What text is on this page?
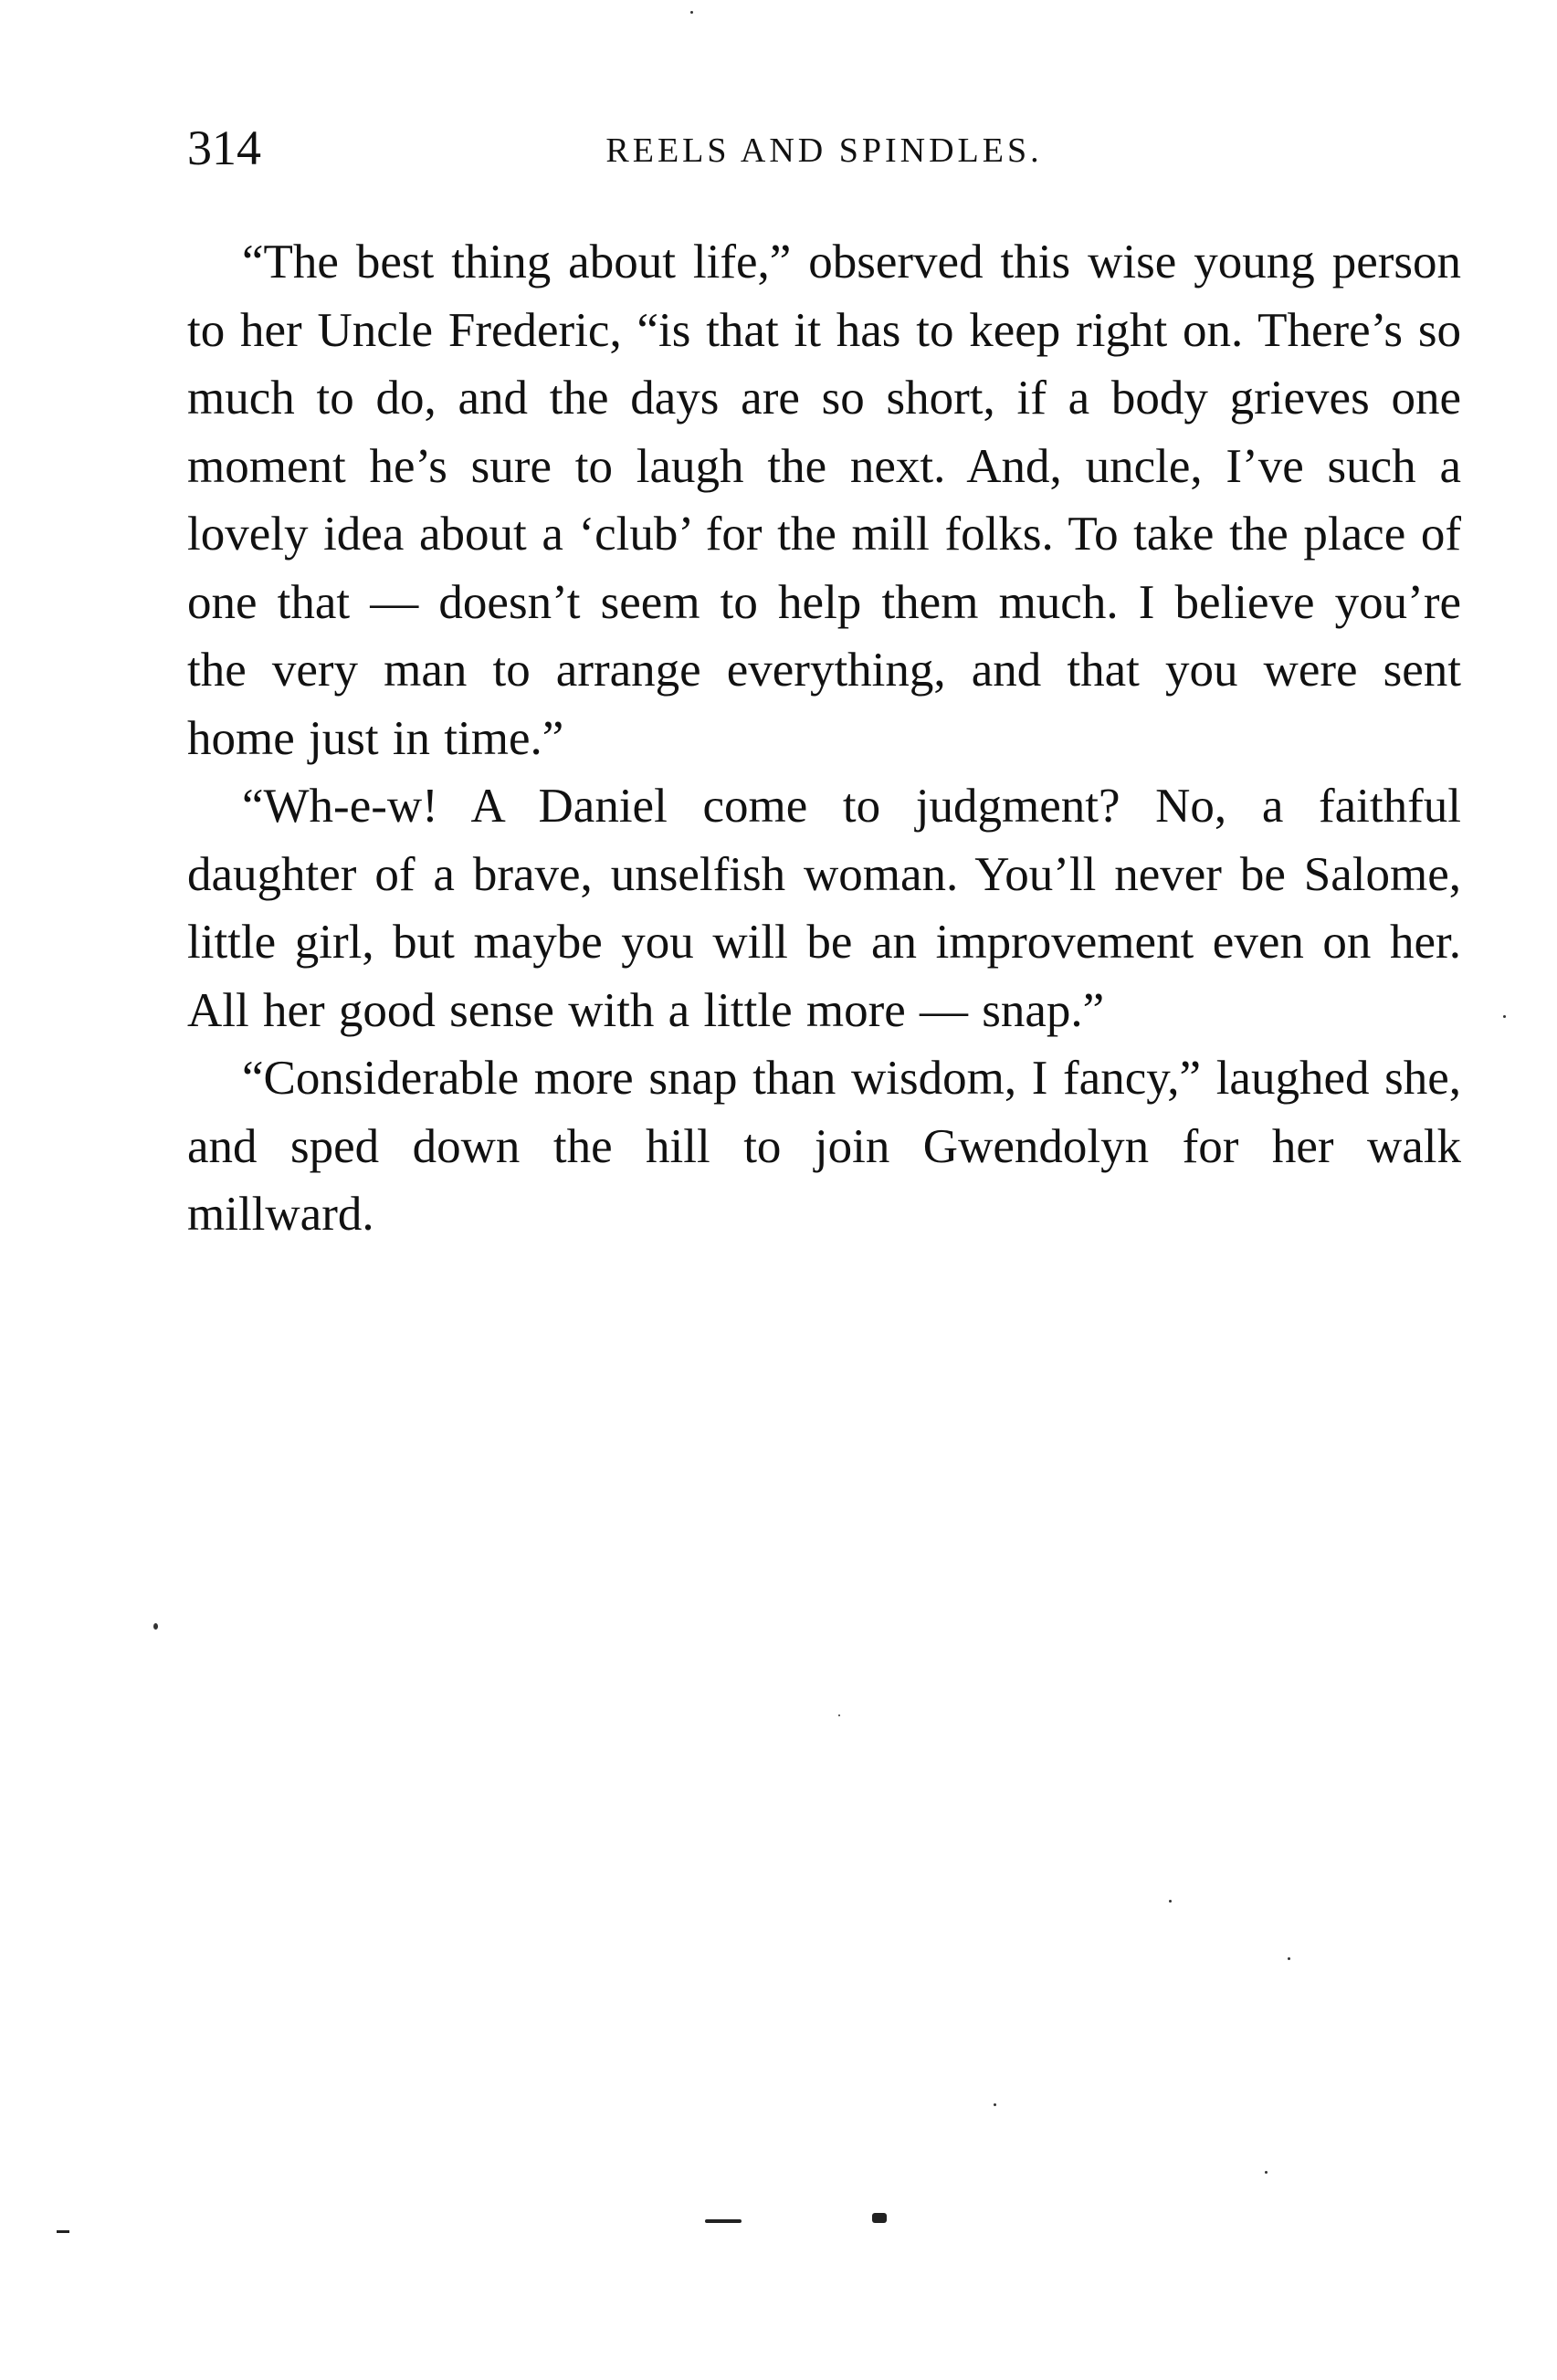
314	REELS AND SPINDLES.

“The best thing about life,” observed this wise young person to her Uncle Frederic, “is that it has to keep right on. There’s so much to do, and the days are so short, if a body grieves one moment he’s sure to laugh the next. And, uncle, I’ve such a lovely idea about a ‘club’ for the mill folks. To take the place of one that — doesn’t seem to help them much. I believe you’re the very man to arrange everything, and that you were sent home just in time.”

“Wh-e-w! A Daniel come to judgment? No, a faithful daughter of a brave, unselfish woman. You’ll never be Salome, little girl, but maybe you will be an improvement even on her. All her good sense with a little more — snap.”

“Considerable more snap than wisdom, I fancy,” laughed she, and sped down the hill to join Gwendolyn for her walk millward.
